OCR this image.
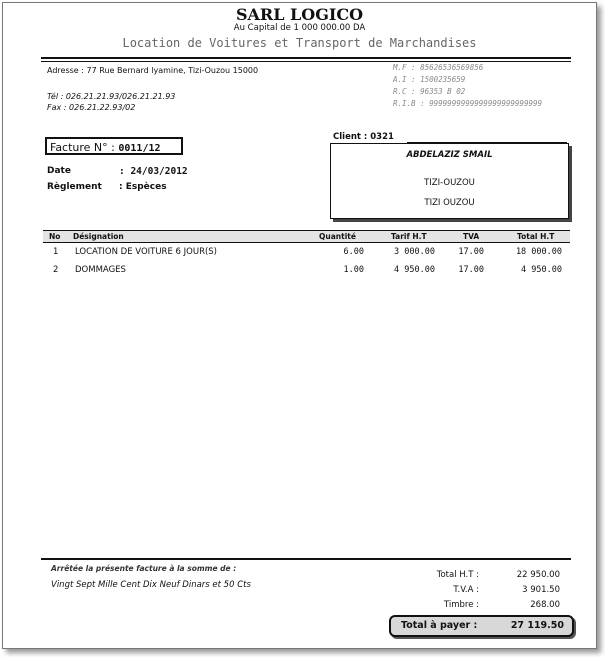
SARL LOGICO
Au Capital de 1 000 000.00 DA
Location de Voitures et Transport de Marchandises
Adresse : 77 Rue Bernard lyamine, Tizi-Ouzou 15000
Tél : 026.21.21.93/026.21.21.93
Fax : 026.21.22.93/02
M.F : 85626536569856
A.I : 1500235659
R.C : 96353 B 02
R.I.B : 9999999999999999999999999
Facture N° : 0011/12
Date	: 24/03/2012
Règlement : Espèces
Client : 0321
ABDELAZIZ SMAIL
TIZI-OUZOU
TIZI OUZOU
No Désignation	Quantité	Tarif H.T	TVA	Total H.T
1 LOCATION DE VOITURE 6 JOUR(S)	6.00	3 000.00	17.00	18 000.00
2 DOMMAGES	1.00	4 950.00	17.00	4 950.00
Arrêtée la présente facture à la somme de :
Vingt Sept Mille Cent Dix Neuf Dinars et 50 Cts
Total H.T :	22 950.00
T.V.A :	3 901.50
Timbre :	268.00
Total à payer :	27 119.50
